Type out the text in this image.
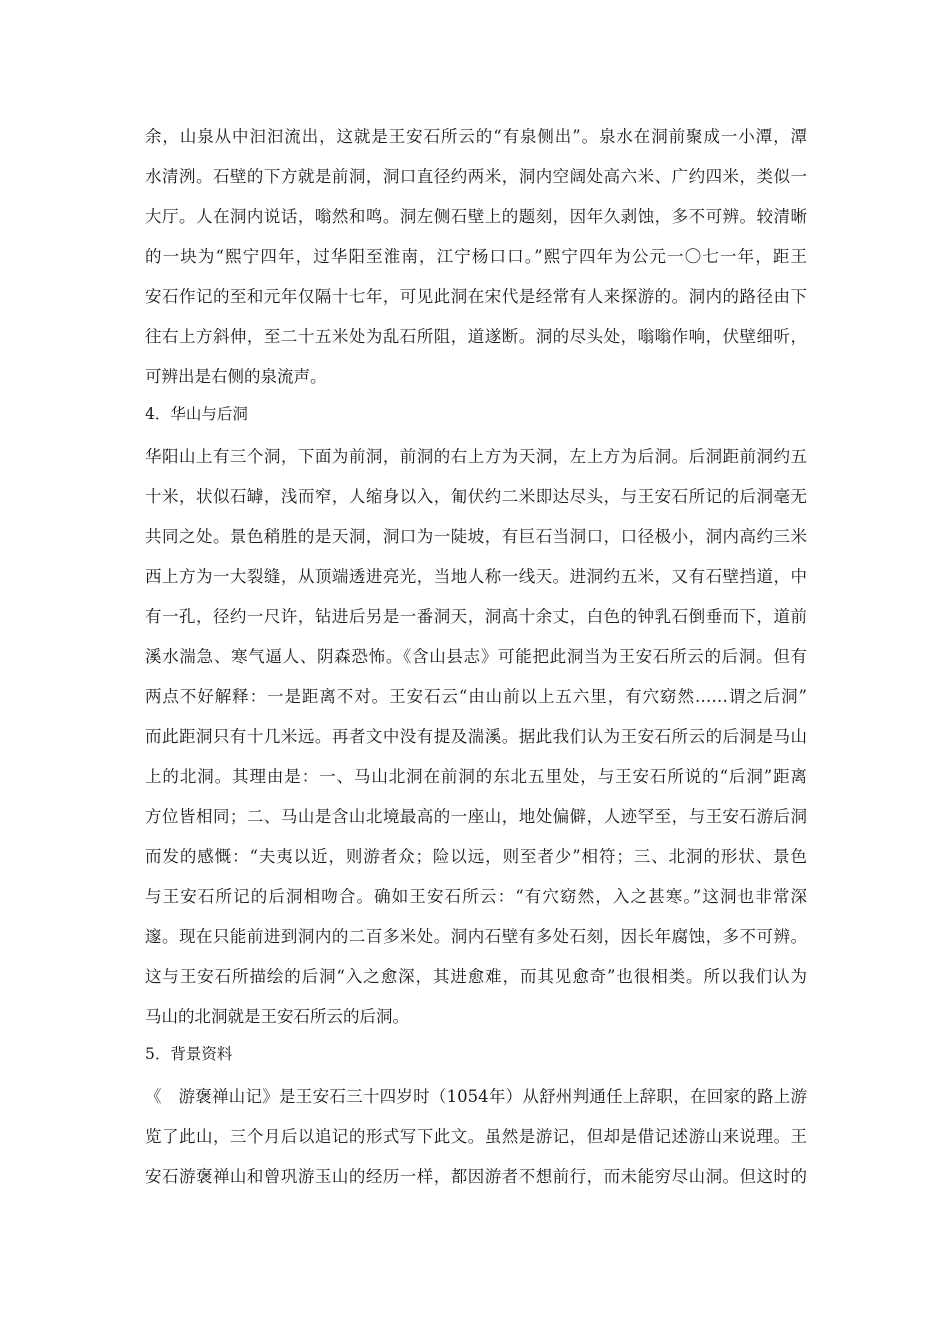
余，山泉从中汩汩流出，这就是王安石所云的“有泉侧出”。泉水在洞前聚成一小潭，潭
水清洌。石壁的下方就是前洞，洞口直径约两米，洞内空阔处高六米、广约四米，类似一
大厅。人在洞内说话，嗡然和鸣。洞左侧石壁上的题刻，因年久剥蚀，多不可辨。较清晰
的一块为“熙宁四年，过华阳至淮南，江宁杨口口。”熙宁四年为公元一〇七一年，距王
安石作记的至和元年仅隔十七年，可见此洞在宋代是经常有人来探游的。洞内的路径由下
往右上方斜伸，至二十五米处为乱石所阻，道遂断。洞的尽头处，嗡嗡作响，伏壁细听，
可辨出是右侧的泉流声。
4．华山与后洞
华阳山上有三个洞，下面为前洞，前洞的右上方为天洞，左上方为后洞。后洞距前洞约五
十米，状似石罅，浅而窄，人缩身以入，匍伏约二米即达尽头，与王安石所记的后洞毫无
共同之处。景色稍胜的是天洞，洞口为一陡坡，有巨石当洞口，口径极小，洞内高约三米
西上方为一大裂缝，从顶端透进亮光，当地人称一线天。进洞约五米，又有石壁挡道，中
有一孔，径约一尺许，钻进后另是一番洞天，洞高十余丈，白色的钟乳石倒垂而下，道前
溪水湍急、寒气逼人、阴森恐怖。《含山县志》可能把此洞当为王安石所云的后洞。但有
两点不好解释：一是距离不对。王安石云“由山前以上五六里，有穴窈然……谓之后洞”
而此距洞只有十几米远。再者文中没有提及湍溪。据此我们认为王安石所云的后洞是马山
上的北洞。其理由是：一、马山北洞在前洞的东北五里处，与王安石所说的“后洞”距离
方位皆相同；二、马山是含山北境最高的一座山，地处偏僻，人迹罕至，与王安石游后洞
而发的感慨：“夫夷以近，则游者众；险以远，则至者少”相符；三、北洞的形状、景色
与王安石所记的后洞相吻合。确如王安石所云：“有穴窈然，入之甚寒。”这洞也非常深
邃。现在只能前进到洞内的二百多米处。洞内石壁有多处石刻，因长年腐蚀，多不可辨。
这与王安石所描绘的后洞“入之愈深，其进愈难，而其见愈奇”也很相类。所以我们认为
马山的北洞就是王安石所云的后洞。
5．背景资料
《　游褒禅山记》是王安石三十四岁时（1054年）从舒州判通任上辞职，在回家的路上游
览了此山，三个月后以追记的形式写下此文。虽然是游记，但却是借记述游山来说理。王
安石游褒禅山和曾巩游玉山的经历一样，都因游者不想前行，而未能穷尽山洞。但这时的
